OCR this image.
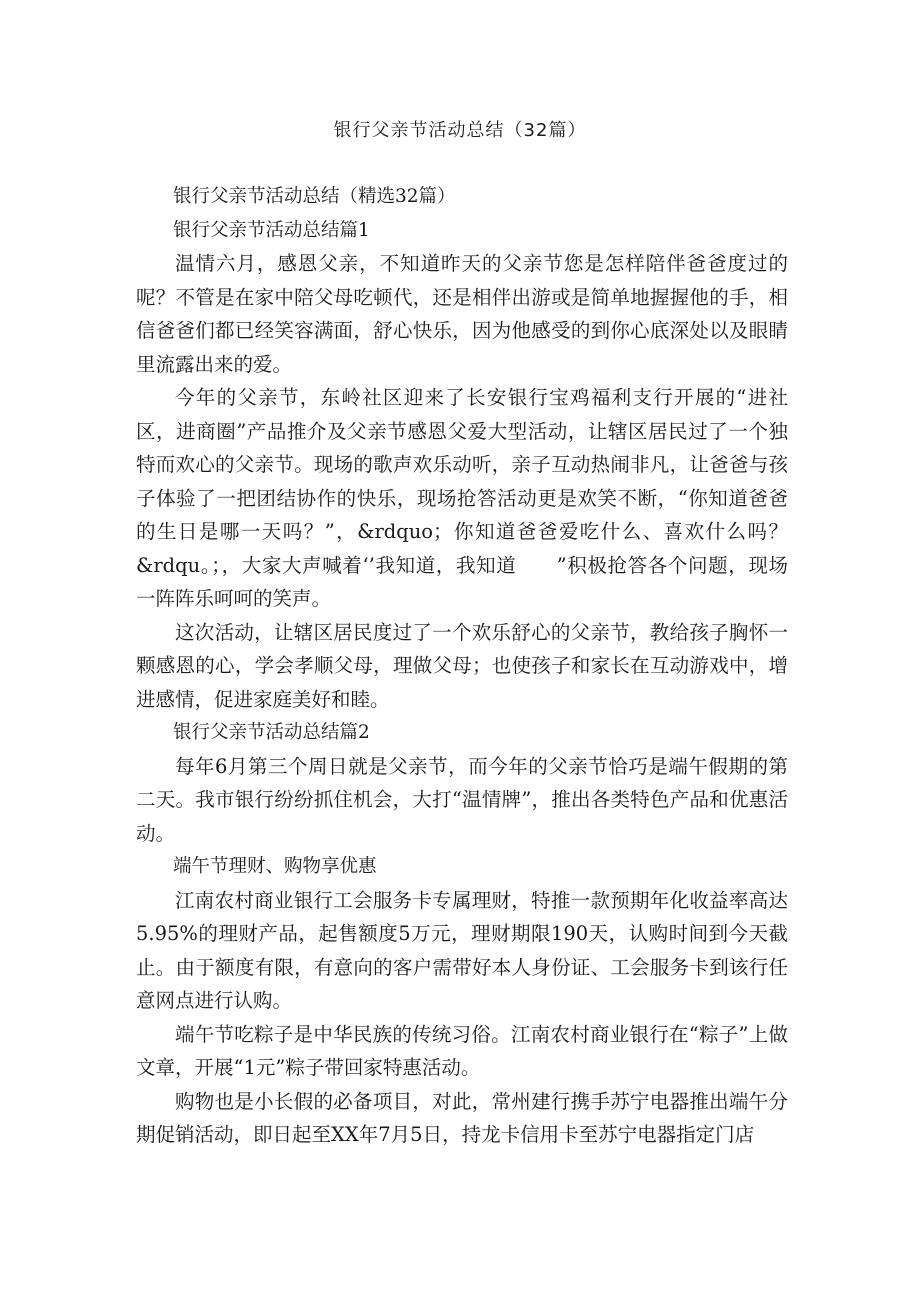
银行父亲节活动总结（32篇）

银行父亲节活动总结（精选32篇）

银行父亲节活动总结篇1

温情六月，感恩父亲，不知道昨天的父亲节您是怎样陪伴爸爸度过的呢？不管是在家中陪父母吃顿代，还是相伴出游或是简单地握握他的手，相信爸爸们都已经笑容满面，舒心快乐，因为他感受的到你心底深处以及眼睛里流露出来的爱。

今年的父亲节，东岭社区迎来了长安银行宝鸡福利支行开展的“进社区，进商圈”产品推介及父亲节感恩父爱大型活动，让辖区居民过了一个独特而欢心的父亲节。现场的歌声欢乐动听，亲子互动热闹非凡，让爸爸与孩子体验了一把团结协作的快乐，现场抢答活动更是欢笑不断，“你知道爸爸的生日是哪一天吗？”，&rdquo；你知道爸爸爱吃什么、喜欢什么吗？&rdqu。；，大家大声喊着‘’我知道，我知道　　”积极抢答各个问题，现场一阵阵乐呵呵的笑声。

这次活动，让辖区居民度过了一个欢乐舒心的父亲节，教给孩子胸怀一颗感恩的心，学会孝顺父母，理做父母；也使孩子和家长在互动游戏中，增进感情，促进家庭美好和睦。

银行父亲节活动总结篇2

每年6月第三个周日就是父亲节，而今年的父亲节恰巧是端午假期的第二天。我市银行纷纷抓住机会，大打“温情牌”，推出各类特色产品和优惠活动。

端午节理财、购物享优惠

江南农村商业银行工会服务卡专属理财，特推一款预期年化收益率高达5.95%的理财产品，起售额度5万元，理财期限190天，认购时间到今天截止。由于额度有限，有意向的客户需带好本人身份证、工会服务卡到该行任意网点进行认购。

端午节吃粽子是中华民族的传统习俗。江南农村商业银行在“粽子”上做文章，开展“1元”粽子带回家特惠活动。

购物也是小长假的必备项目，对此，常州建行携手苏宁电器推出端午分期促销活动，即日起至XX年7月5日，持龙卡信用卡至苏宁电器指定门店
